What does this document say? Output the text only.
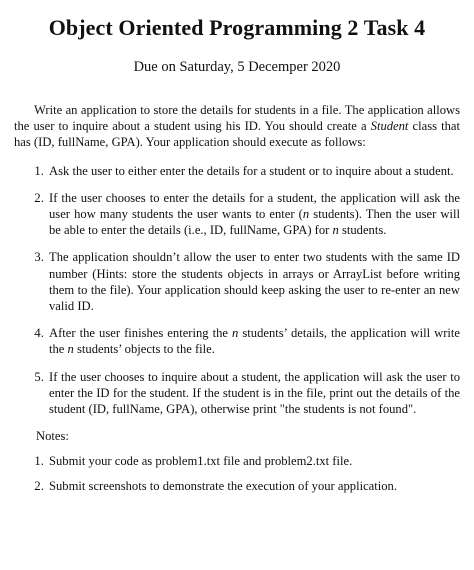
Object Oriented Programming 2 Task 4

Due on Saturday, 5 Decemper 2020

Write an application to store the details for students in a file. The application allows the user to inquire about a student using his ID. You should create a Student class that has (ID, fullName, GPA). Your application should execute as follows:

1. Ask the user to either enter the details for a student or to inquire about a student.
2. If the user chooses to enter the details for a student, the application will ask the user how many students the user wants to enter (n students). Then the user will be able to enter the details (i.e., ID, fullName, GPA) for n students.
3. The application shouldn’t allow the user to enter two students with the same ID number (Hints: store the students objects in arrays or ArrayList before writing them to the file). Your application should keep asking the user to re-enter an new valid ID.
4. After the user finishes entering the n students’ details, the application will write the n students’ objects to the file.
5. If the user chooses to inquire about a student, the application will ask the user to enter the ID for the student. If the student is in the file, print out the details of the student (ID, fullName, GPA), otherwise print "the students is not found".

Notes:

1. Submit your code as problem1.txt file and problem2.txt file.
2. Submit screenshots to demonstrate the execution of your application.
